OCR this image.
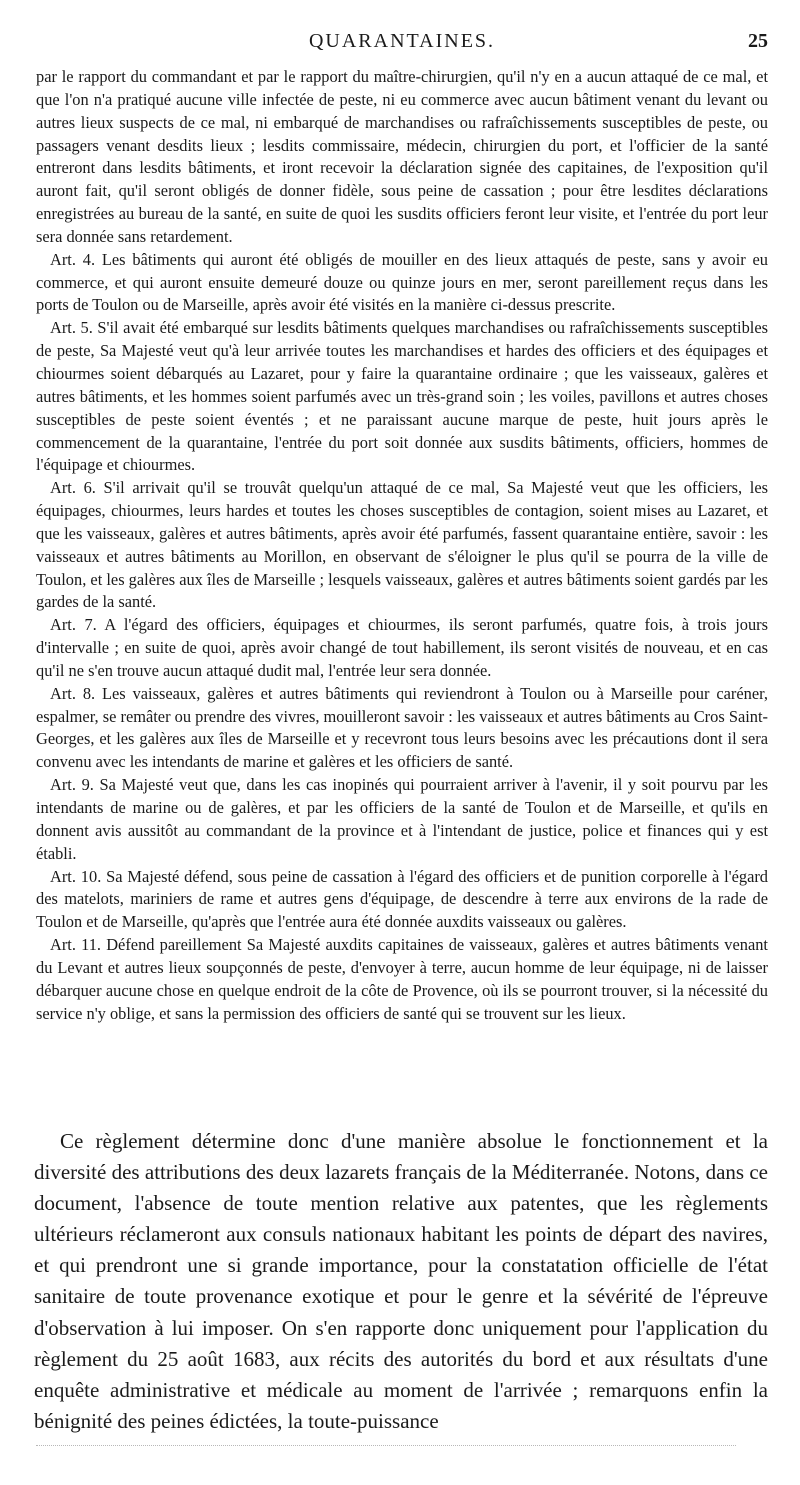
QUARANTAINES.	25

par le rapport du commandant et par le rapport du maître-chirurgien, qu'il n'y en a aucun attaqué de ce mal, et que l'on n'a pratiqué aucune ville infectée de peste, ni eu commerce avec aucun bâtiment venant du levant ou autres lieux suspects de ce mal, ni embarqué de marchandises ou rafraîchissements susceptibles de peste, ou passagers venant desdits lieux ; lesdits commissaire, médecin, chirurgien du port, et l'officier de la santé entreront dans lesdits bâtiments, et iront recevoir la déclaration signée des capitaines, de l'exposition qu'il auront fait, qu'il seront obligés de donner fidèle, sous peine de cassation ; pour être lesdites déclarations enregistrées au bureau de la santé, en suite de quoi les susdits officiers feront leur visite, et l'entrée du port leur sera donnée sans retardement.

Art. 4. Les bâtiments qui auront été obligés de mouiller en des lieux attaqués de peste, sans y avoir eu commerce, et qui auront ensuite demeuré douze ou quinze jours en mer, seront pareillement reçus dans les ports de Toulon ou de Marseille, après avoir été visités en la manière ci-dessus prescrite.

Art. 5. S'il avait été embarqué sur lesdits bâtiments quelques marchandises ou rafraîchissements susceptibles de peste, Sa Majesté veut qu'à leur arrivée toutes les marchandises et hardes des officiers et des équipages et chiourmes soient débarqués au Lazaret, pour y faire la quarantaine ordinaire ; que les vaisseaux, galères et autres bâtiments, et les hommes soient parfumés avec un très-grand soin ; les voiles, pavillons et autres choses susceptibles de peste soient éventés ; et ne paraissant aucune marque de peste, huit jours après le commencement de la quarantaine, l'entrée du port soit donnée aux susdits bâtiments, officiers, hommes de l'équipage et chiourmes.

Art. 6. S'il arrivait qu'il se trouvât quelqu'un attaqué de ce mal, Sa Majesté veut que les officiers, les équipages, chiourmes, leurs hardes et toutes les choses susceptibles de contagion, soient mises au Lazaret, et que les vaisseaux, galères et autres bâtiments, après avoir été parfumés, fassent quarantaine entière, savoir : les vaisseaux et autres bâtiments au Morillon, en observant de s'éloigner le plus qu'il se pourra de la ville de Toulon, et les galères aux îles de Marseille ; lesquels vaisseaux, galères et autres bâtiments soient gardés par les gardes de la santé.

Art. 7. A l'égard des officiers, équipages et chiourmes, ils seront parfumés, quatre fois, à trois jours d'intervalle ; en suite de quoi, après avoir changé de tout habillement, ils seront visités de nouveau, et en cas qu'il ne s'en trouve aucun attaqué dudit mal, l'entrée leur sera donnée.

Art. 8. Les vaisseaux, galères et autres bâtiments qui reviendront à Toulon ou à Marseille pour caréner, espalmer, se remâter ou prendre des vivres, mouilleront savoir : les vaisseaux et autres bâtiments au Cros Saint-Georges, et les galères aux îles de Marseille et y recevront tous leurs besoins avec les précautions dont il sera convenu avec les intendants de marine et galères et les officiers de santé.

Art. 9. Sa Majesté veut que, dans les cas inopinés qui pourraient arriver à l'avenir, il y soit pourvu par les intendants de marine ou de galères, et par les officiers de la santé de Toulon et de Marseille, et qu'ils en donnent avis aussitôt au commandant de la province et à l'intendant de justice, police et finances qui y est établi.

Art. 10. Sa Majesté défend, sous peine de cassation à l'égard des officiers et de punition corporelle à l'égard des matelots, mariniers de rame et autres gens d'équipage, de descendre à terre aux environs de la rade de Toulon et de Marseille, qu'après que l'entrée aura été donnée auxdits vaisseaux ou galères.

Art. 11. Défend pareillement Sa Majesté auxdits capitaines de vaisseaux, galères et autres bâtiments venant du Levant et autres lieux soupçonnés de peste, d'envoyer à terre, aucun homme de leur équipage, ni de laisser débarquer aucune chose en quelque endroit de la côte de Provence, où ils se pourront trouver, si la nécessité du service n'y oblige, et sans la permission des officiers de santé qui se trouvent sur les lieux.

Ce règlement détermine donc d'une manière absolue le fonctionnement et la diversité des attributions des deux lazarets français de la Méditerranée. Notons, dans ce document, l'absence de toute mention relative aux patentes, que les règlements ultérieurs réclameront aux consuls nationaux habitant les points de départ des navires, et qui prendront une si grande importance, pour la constatation officielle de l'état sanitaire de toute provenance exotique et pour le genre et la sévérité de l'épreuve d'observation à lui imposer. On s'en rapporte donc uniquement pour l'application du règlement du 25 août 1683, aux récits des autorités du bord et aux résultats d'une enquête administrative et médicale au moment de l'arrivée ; remarquons enfin la bénignité des peines édictées, la toute-puissance
